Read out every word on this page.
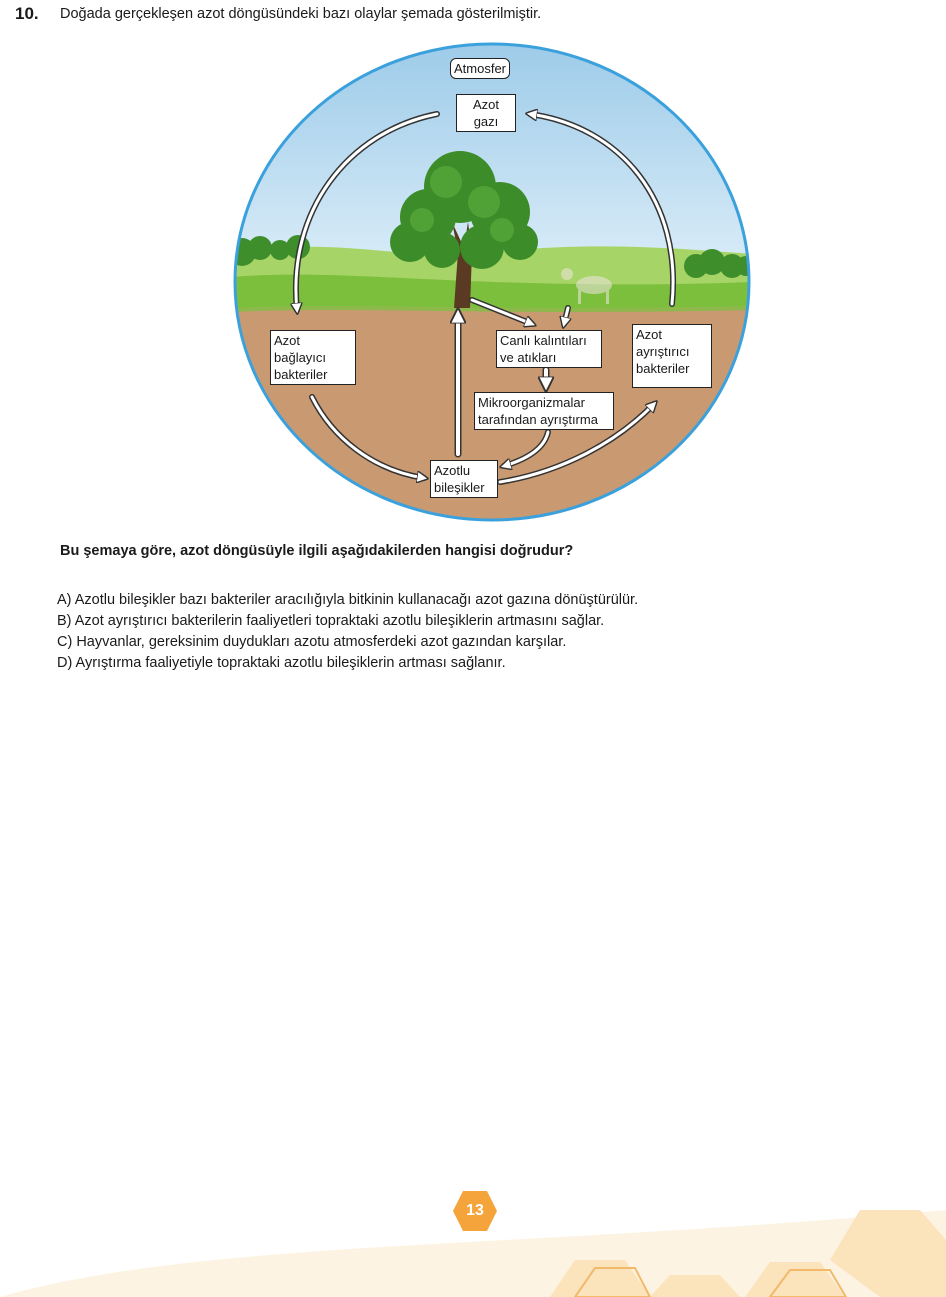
10. Doğada gerçekleşen azot döngüsündeki bazı olaylar şemada gösterilmiştir.
Atmosfer
Azot
gazı
Azot
bağlayıcı
bakteriler
Canlı kalıntıları
ve atıkları
Azot
ayrıştırıcı
bakteriler
Mikroorganizmalar
tarafından ayrıştırma
Azotlu
bileşikler
Bu şemaya göre, azot döngüsüyle ilgili aşağıdakilerden hangisi doğrudur?
A) Azotlu bileşikler bazı bakteriler aracılığıyla bitkinin kullanacağı azot gazına dönüştürülür.
B) Azot ayrıştırıcı bakterilerin faaliyetleri topraktaki azotlu bileşiklerin artmasını sağlar.
C) Hayvanlar, gereksinim duydukları azotu atmosferdeki azot gazından karşılar.
D) Ayrıştırma faaliyetiyle topraktaki azotlu bileşiklerin artması sağlanır.
13
